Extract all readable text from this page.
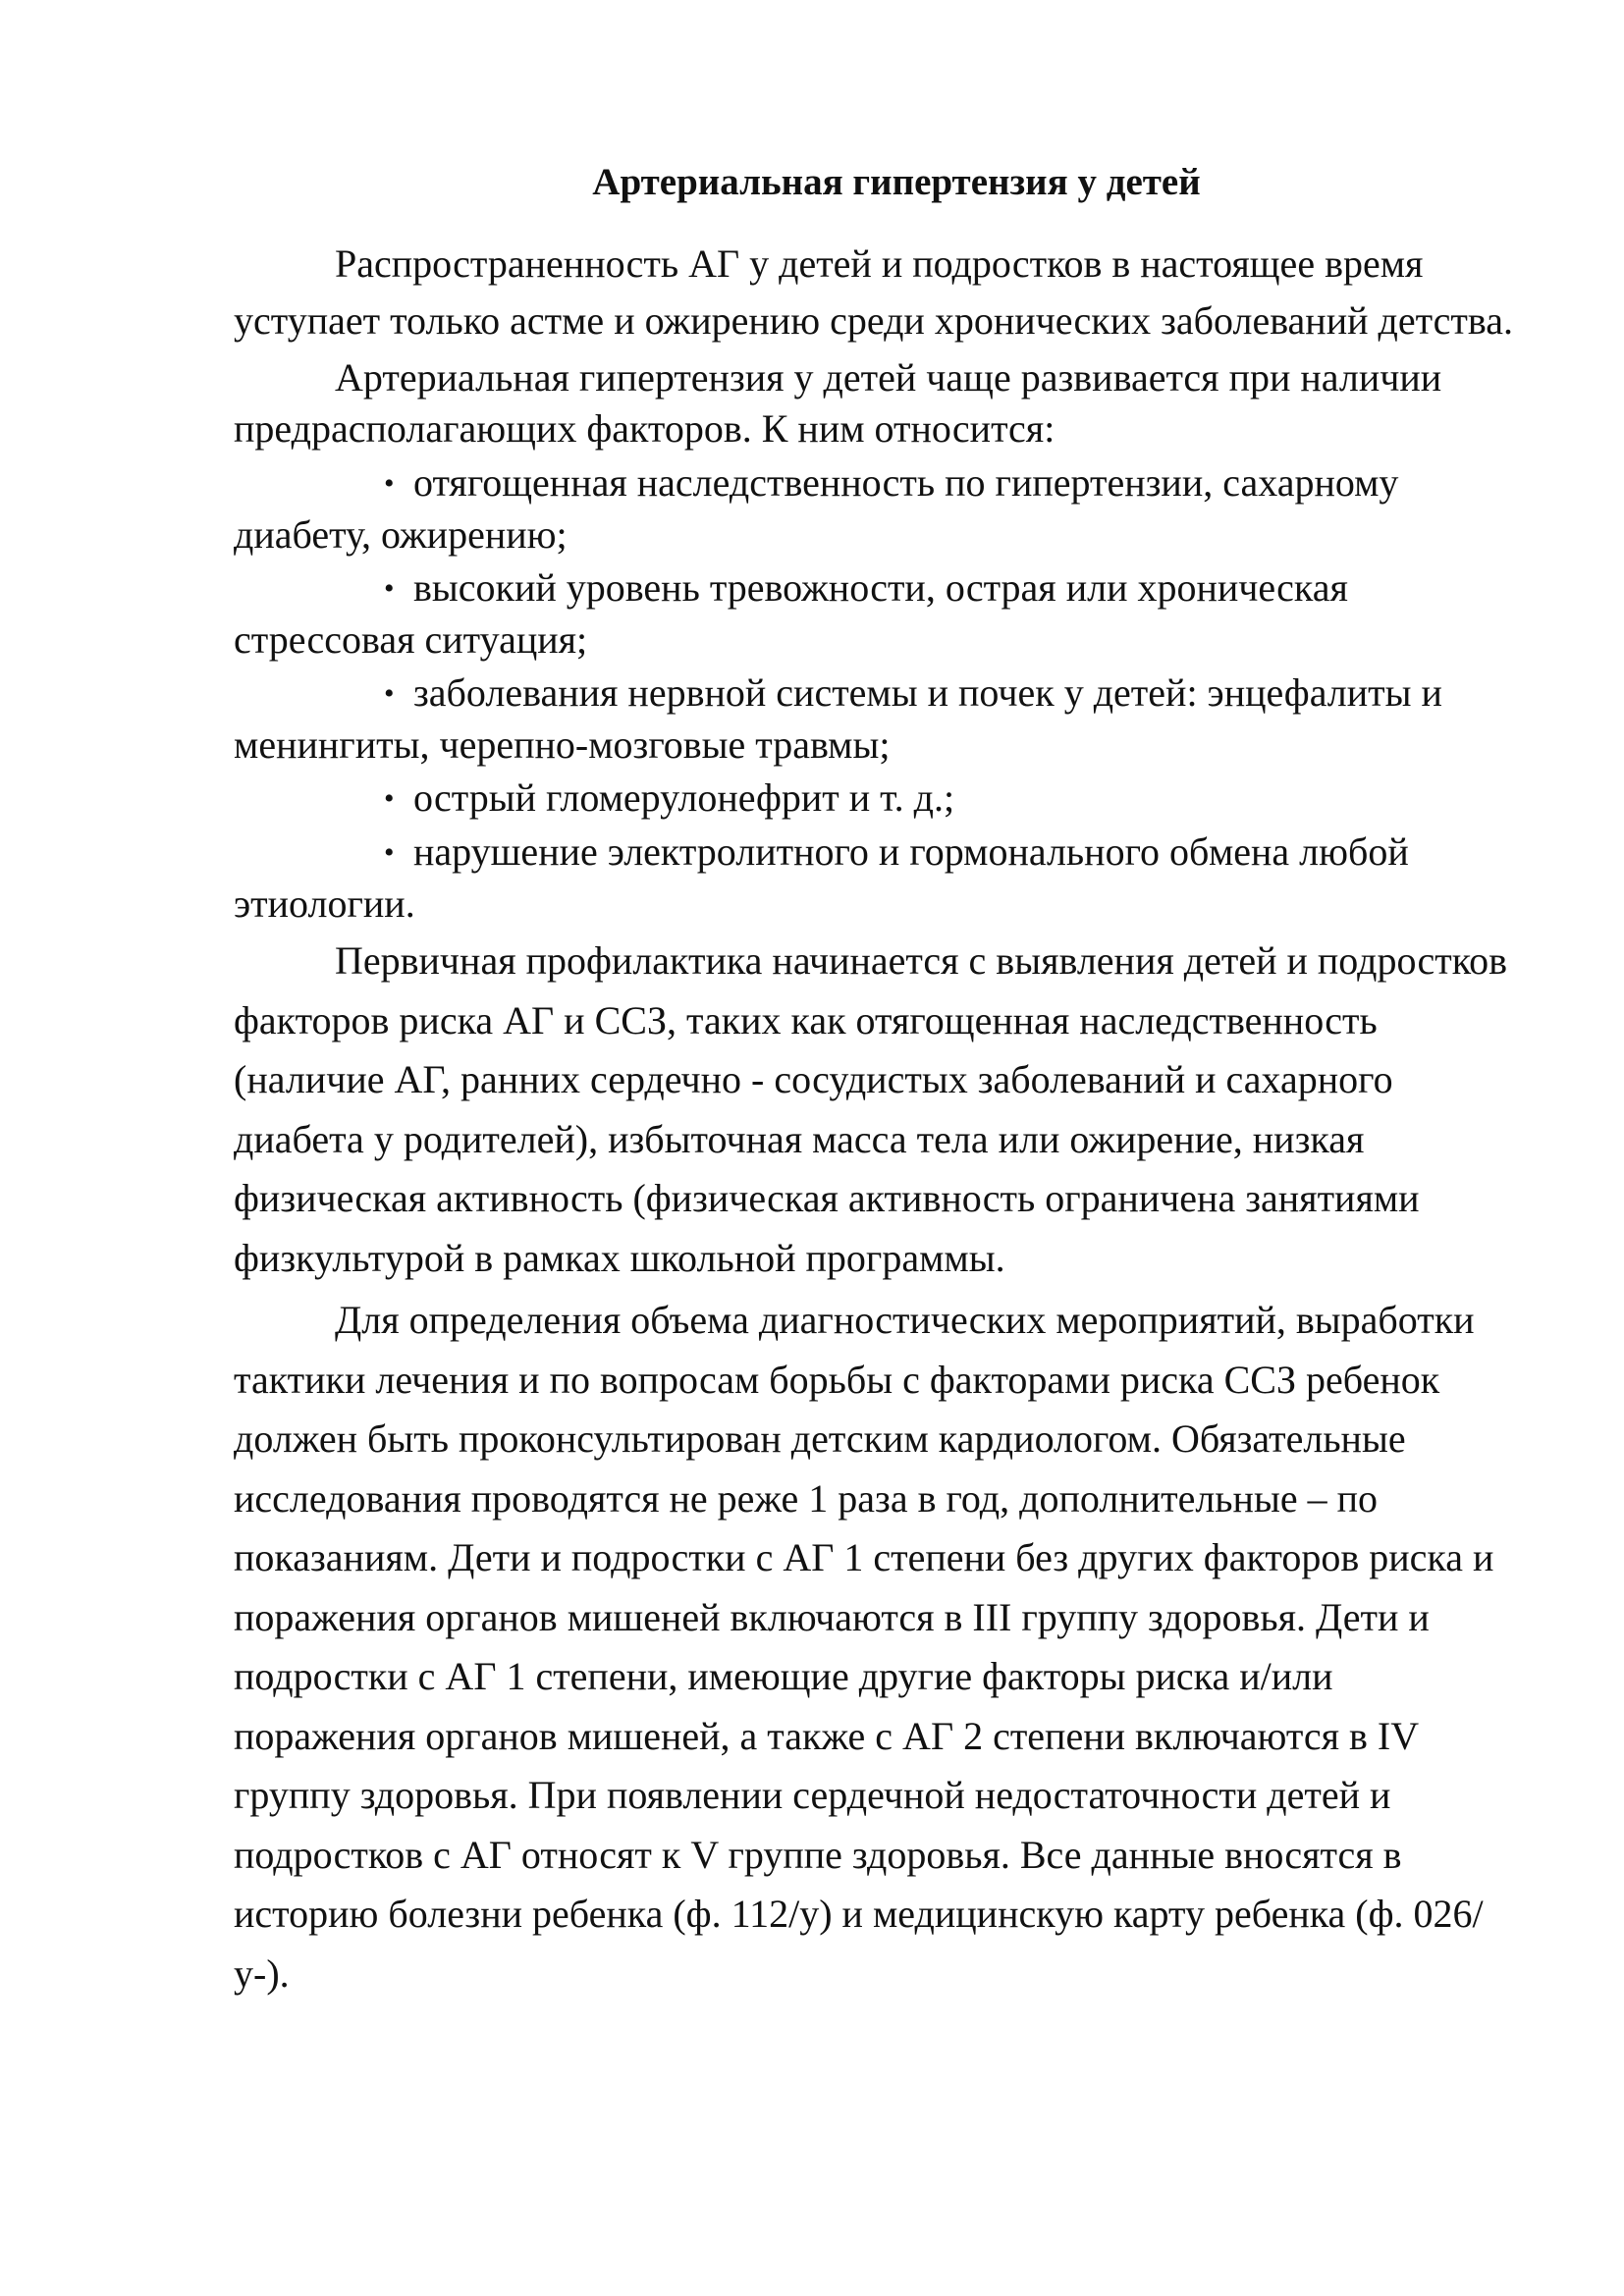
Артериальная гипертензия у детей

Распространенность АГ у детей и подростков в настоящее время уступает только астме и ожирению среди хронических заболеваний детства.

Артериальная гипертензия у детей чаще развивается при наличии предрасполагающих факторов. К ним относится:

• отягощенная наследственность по гипертензии, сахарному диабету, ожирению;
• высокий уровень тревожности, острая или хроническая стрессовая ситуация;
• заболевания нервной системы и почек у детей: энцефалиты и менингиты, черепно-мозговые травмы;
• острый гломерулонефрит и т. д.;
• нарушение электролитного и гормонального обмена любой этиологии.

Первичная профилактика начинается с выявления детей и подростков факторов риска АГ и ССЗ, таких как отягощенная наследственность (наличие АГ, ранних сердечно - сосудистых заболеваний и сахарного диабета у родителей), избыточная масса тела или ожирение, низкая физическая активность (физическая активность ограничена занятиями физкультурой в рамках школьной программы.

Для определения объема диагностических мероприятий, выработки тактики лечения и по вопросам борьбы с факторами риска ССЗ ребенок должен быть проконсультирован детским кардиологом. Обязательные исследования проводятся не реже 1 раза в год, дополнительные – по показаниям. Дети и подростки с АГ 1 степени без других факторов риска и поражения органов мишеней включаются в III группу здоровья. Дети и подростки с АГ 1 степени, имеющие другие факторы риска и/или поражения органов мишеней, а также с АГ 2 степени включаются в IV группу здоровья. При появлении сердечной недостаточности детей и подростков с АГ относят к V группе здоровья. Все данные вносятся в историю болезни ребенка (ф. 112/у) и медицинскую карту ребенка (ф. 026/у-).
